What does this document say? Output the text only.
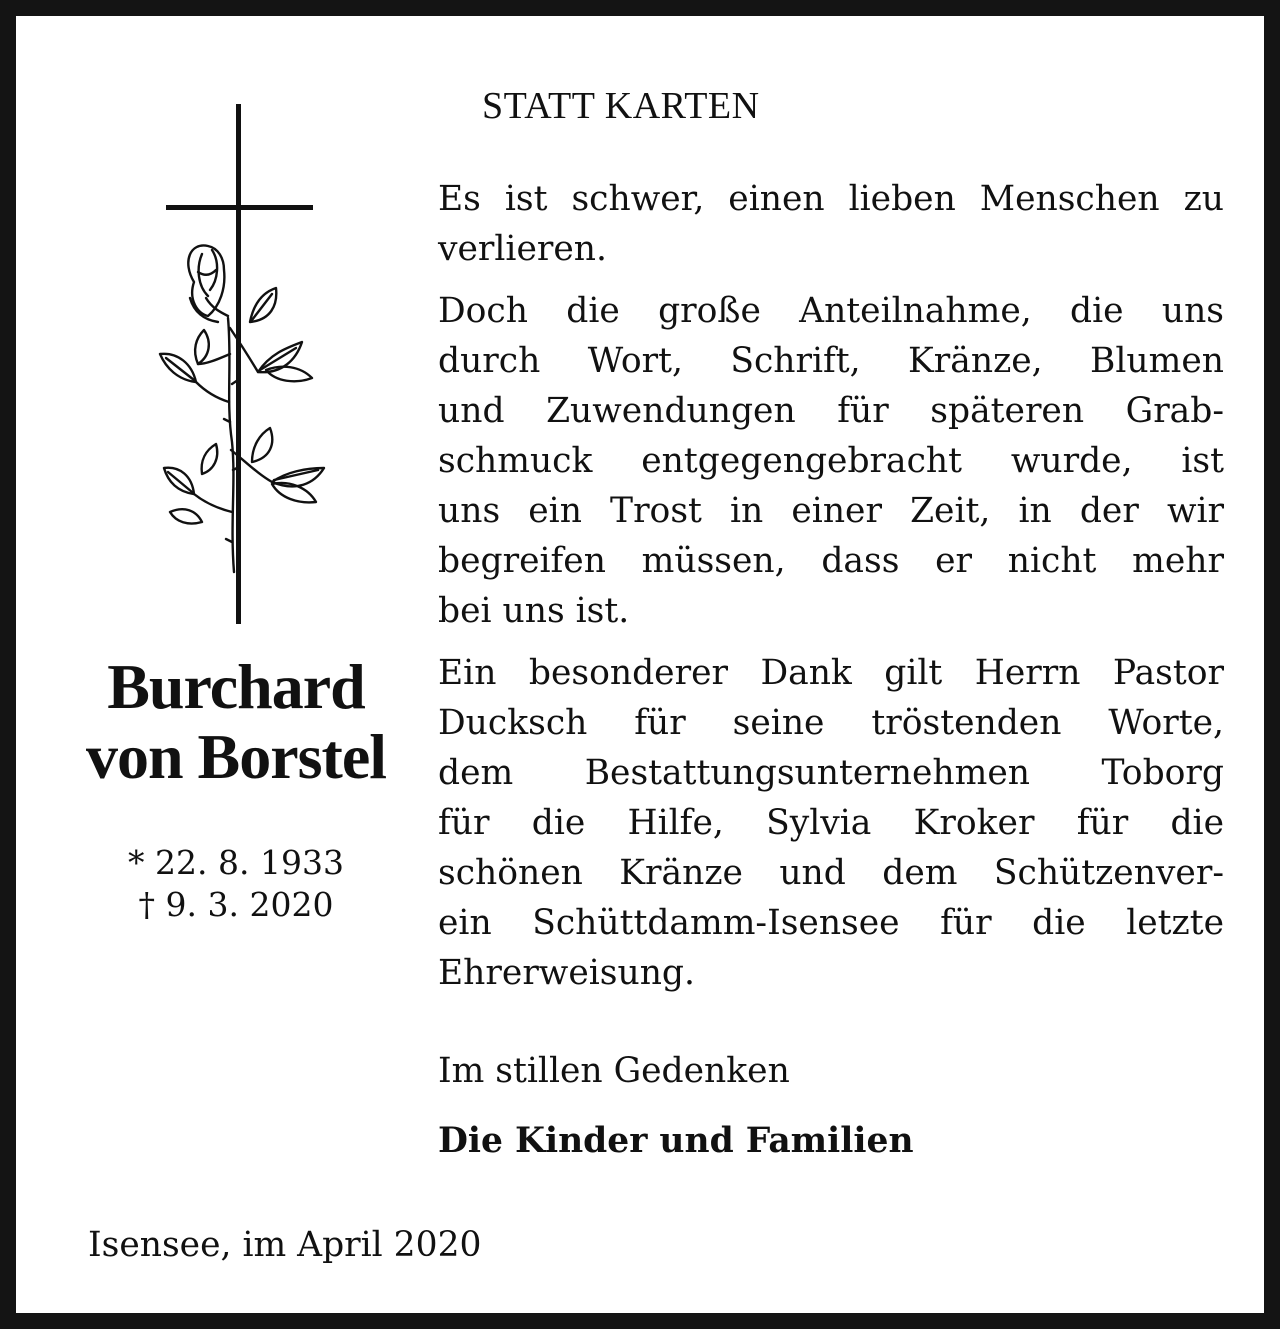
STATT KARTEN
Burchard
von Borstel
* 22. 8. 1933
† 9. 3. 2020
Es ist schwer, einen lieben Menschen zu
verlieren.
Doch die große Anteilnahme, die uns
durch Wort, Schrift, Kränze, Blumen
und Zuwendungen für späteren Grab-
schmuck entgegengebracht wurde, ist
uns ein Trost in einer Zeit, in der wir
begreifen müssen, dass er nicht mehr
bei uns ist.
Ein besonderer Dank gilt Herrn Pastor
Ducksch für seine tröstenden Worte,
dem Bestattungsunternehmen Toborg
für die Hilfe, Sylvia Kroker für die
schönen Kränze und dem Schützenver-
ein Schüttdamm-Isensee für die letzte
Ehrerweisung.
Im stillen Gedenken
Die Kinder und Familien
Isensee, im April 2020
